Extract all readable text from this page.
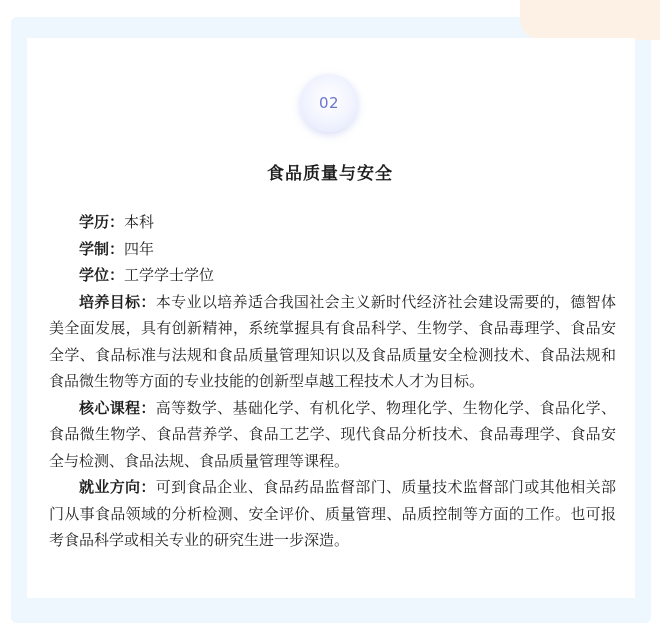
02
食品质量与安全

学历：本科

学制：四年

学位：工学学士学位

培养目标：本专业以培养适合我国社会主义新时代经济社会建设需要的，德智体美全面发展，具有创新精神，系统掌握具有食品科学、生物学、食品毒理学、食品安全学、食品标准与法规和食品质量管理知识以及食品质量安全检测技术、食品法规和食品微生物等方面的专业技能的创新型卓越工程技术人才为目标。

核心课程：高等数学、基础化学、有机化学、物理化学、生物化学、食品化学、食品微生物学、食品营养学、食品工艺学、现代食品分析技术、食品毒理学、食品安全与检测、食品法规、食品质量管理等课程。

就业方向：可到食品企业、食品药品监督部门、质量技术监督部门或其他相关部门从事食品领域的分析检测、安全评价、质量管理、品质控制等方面的工作。也可报考食品科学或相关专业的研究生进一步深造。
